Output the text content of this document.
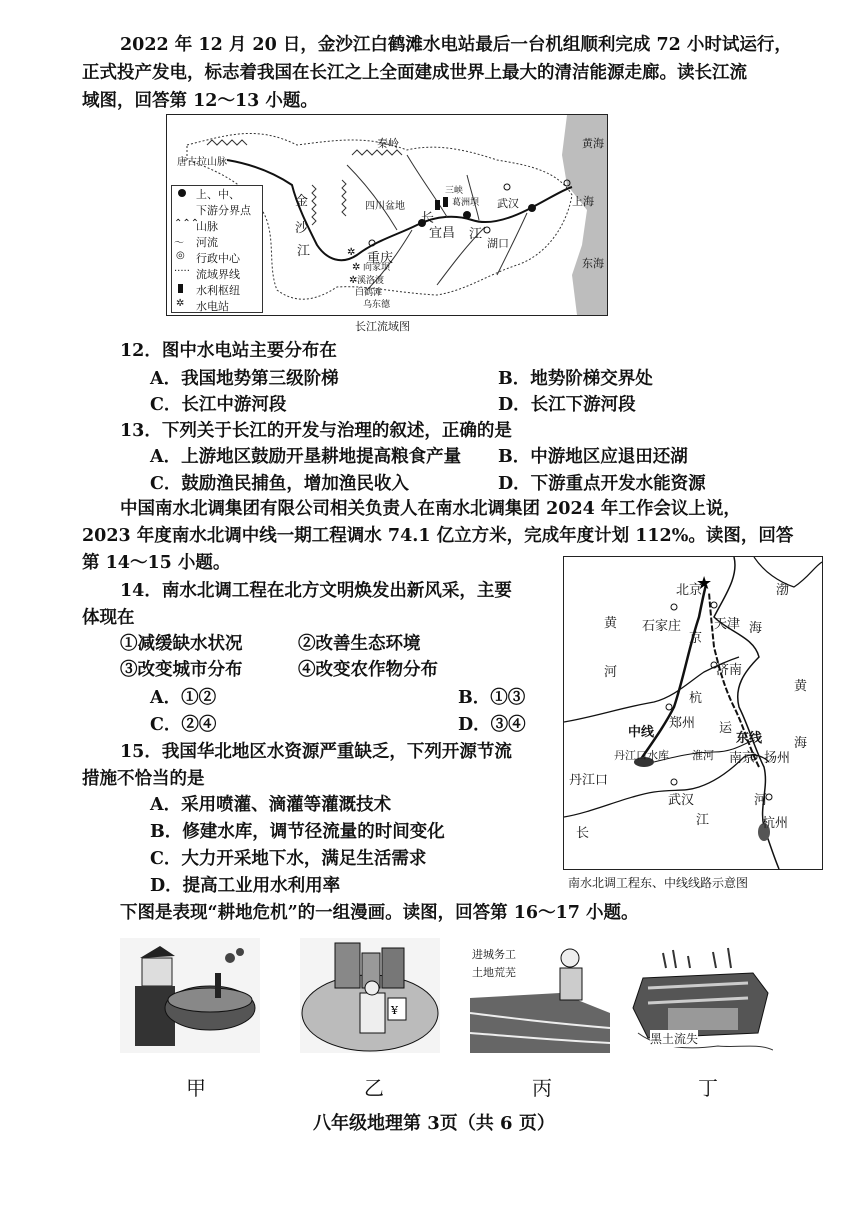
2022 年 12 月 20 日，金沙江白鹤滩水电站最后一台机组顺利完成 72 小时试运行，
正式投产发电，标志着我国在长江之上全面建成世界上最大的清洁能源走廊。读长江流
域图，回答第 12～13 小题。
✲
✲
✲
上、中、
下游分界点
⌃⌃⌃
山脉
〜 河流
◎ 行政中心
····· 流域界线
水利枢纽
✲ 水电站
唐古拉山脉
秦岭
金
沙
江
四川盆地
重庆
宜昌
长
江
武汉
湖口
上海
黄海
东海
三峡
葛洲坝
向家坝
溪洛渡
白鹤滩
乌东德
长江流域图
12．图中水电站主要分布在
A．我国地势第三级阶梯	B．地势阶梯交界处
C．长江中游河段	D．长江下游河段
13．下列关于长江的开发与治理的叙述，正确的是
A．上游地区鼓励开垦耕地提高粮食产量 B．中游地区应退田还湖
C．鼓励渔民捕鱼，增加渔民收入	D．下游重点开发水能资源
中国南水北调集团有限公司相关负责人在南水北调集团 2024 年工作会议上说，
2023 年度南水北调中线一期工程调水 74.1 亿立方米，完成年度计划 112%。读图，回答
第 14～15 小题。
14．南水北调工程在北方文明焕发出新风采，主要
体现在
①减缓缺水状况	②改善生态环境
③改变城市分布	④改变农作物分布
A．①②	B．①③
C．②④	D．③④
15．我国华北地区水资源严重缺乏，下列开源节流
措施不恰当的是
A．采用喷灌、滴灌等灌溉技术
B．修建水库，调节径流量的时间变化
C．大力开采地下水，满足生活需求
D．提高工业用水利用率
★
北京
天津
石家庄
渤
海
黄
河
京
济南
杭
黄
海
郑州
中线	东线
运
丹江口水库 淮河 南京 扬州
丹江口
武汉
长
江
河
杭州
南水北调工程东、中线线路示意图
下图是表现“耕地危机”的一组漫画。读图，回答第 16～17 小题。
¥
进城务工
土地荒芜
黑土流失
甲	乙	丙	丁
八年级地理第 3页（共 6 页）
